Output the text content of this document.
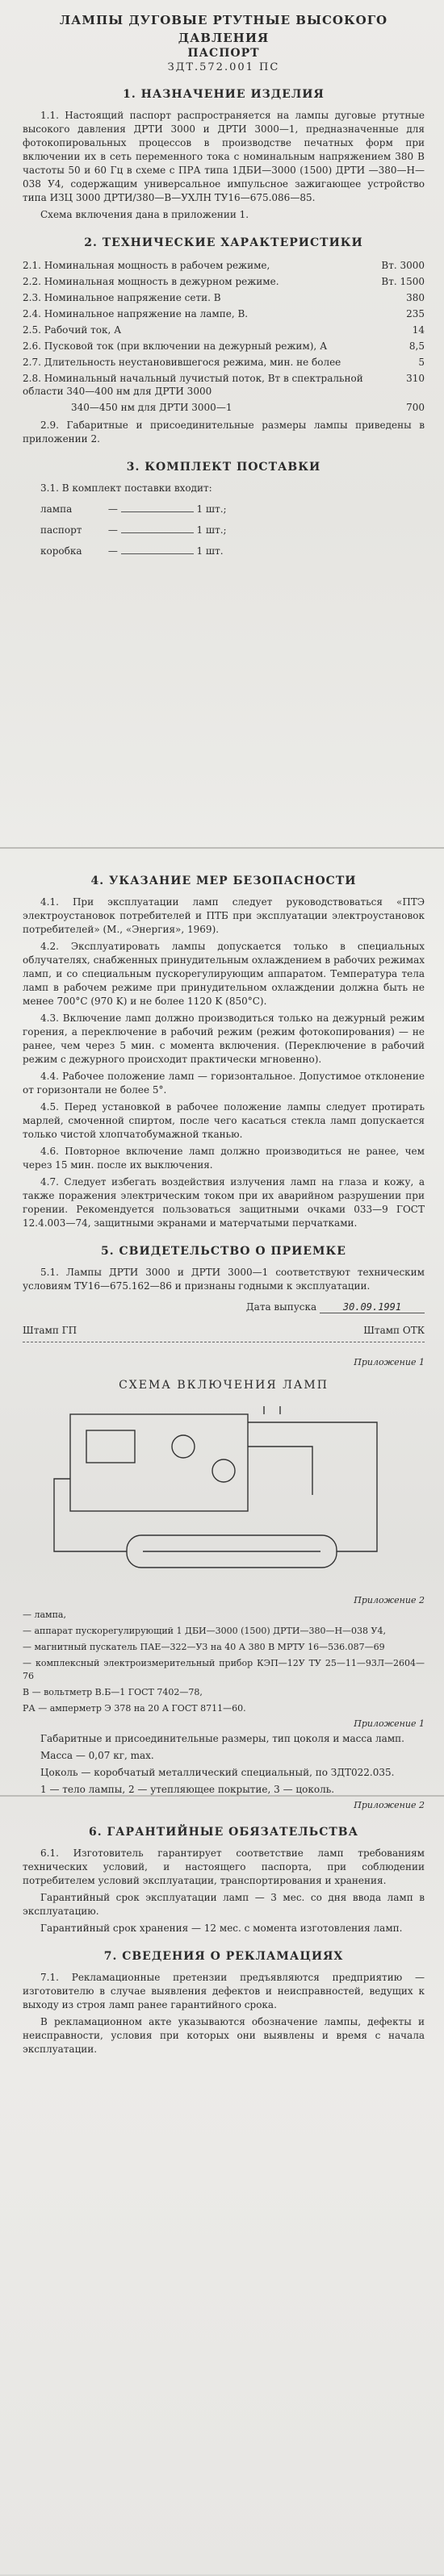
ЛАМПЫ ДУГОВЫЕ РТУТНЫЕ ВЫСОКОГО
ДАВЛЕНИЯ
ПАСПОРТ
ЗДТ.572.001 ПС
1. НАЗНАЧЕНИЕ ИЗДЕЛИЯ

1.1. Настоящий паспорт распространяется на лампы дуговые ртутные высокого давления ДРТИ 3000 и ДРТИ 3000—1, предназначенные для фотокопировальных процессов в производстве печатных форм при включении их в сеть переменного тока с номинальным напряжением 380 В частоты 50 и 60 Гц в схеме с ПРА типа 1ДБИ—3000 (1500) ДРТИ —380—Н—038 У4, содержащим универсальное импульсное зажигающее устройство типа ИЗЦ 3000 ДРТИ/380—В—УХЛН ТУ16—675.086—85.

Схема включения дана в приложении 1.

2. ТЕХНИЧЕСКИЕ ХАРАКТЕРИСТИКИ
2.1. Номинальная мощность в рабочем режиме,	Вт. 3000
2.2. Номинальная мощность в дежурном режиме.	Вт. 1500
2.3. Номинальное напряжение сети. В	380
2.4. Номинальное напряжение на лампе, В.	235
2.5. Рабочий ток, А	14
2.6. Пусковой ток (при включении на дежурный режим), А	8,5
2.7. Длительность неустановившегося режима, мин. не более	5
2.8. Номинальный начальный лучистый поток, Вт в спектральной области 340—400 нм для ДРТИ 3000	310
340—450 нм для ДРТИ 3000—1	700

2.9. Габаритные и присоединительные размеры лампы приведены в приложении 2.

3. КОМПЛЕКТ ПОСТАВКИ

3.1. В комплект поставки входит:

лампа	—	1 шт.;
паспорт —	1 шт.;
коробка —	1 шт.
4. УКАЗАНИЕ МЕР БЕЗОПАСНОСТИ

4.1. При эксплуатации ламп следует руководствоваться «ПТЭ электроустановок потребителей и ПТБ при эксплуатации электроустановок потребителей» (М., «Энергия», 1969).

4.2. Эксплуатировать лампы допускается только в специальных облучателях, снабженных принудительным охлаждением в рабочих режимах ламп, и со специальным пускорегулирующим аппаратом. Температура тела ламп в рабочем режиме при принудительном охлаждении должна быть не менее 700°С (970 K) и не более 1120 K (850°С).

4.3. Включение ламп должно производиться только на дежурный режим горения, а переключение в рабочий режим (режим фотокопирования) — не ранее, чем через 5 мин. с момента включения. (Переключение в рабочий режим с дежурного происходит практически мгновенно).

4.4. Рабочее положение ламп — горизонтальное. Допустимое отклонение от горизонтали не более 5°.

4.5. Перед установкой в рабочее положение лампы следует протирать марлей, смоченной спиртом, после чего касаться стекла ламп допускается только чистой хлопчатобумажной тканью.

4.6. Повторное включение ламп должно производиться не ранее, чем через 15 мин. после их выключения.

4.7. Следует избегать воздействия излучения ламп на глаза и кожу, а также поражения электрическим током при их аварийном разрушении при горении. Рекомендуется пользоваться защитными очками 033—9 ГОСТ 12.4.003—74, защитными экранами и матерчатыми перчатками.

5. СВИДЕТЕЛЬСТВО О ПРИЕМКЕ

5.1. Лампы ДРТИ 3000 и ДРТИ 3000—1 соответствуют техническим условиям ТУ16—675.162—86 и признаны годными к эксплуатации.

Дата выпуска	30.09.1991
Штамп ГП	Штамп ОТК
Приложение 1
СХЕМА ВКЛЮЧЕНИЯ ЛАМП
Приложение 2

— лампа,

— аппарат пускорегулирующий 1 ДБИ—3000 (1500) ДРТИ—380—Н—038 У4,

— магнитный пускатель ПАЕ—322—У3 на 40 А 380 В МРТУ 16—536.087—69

— комплексный электроизмерительный прибор КЭП—12У ТУ 25—11—93Л—2604—76

В — вольтметр В.Б—1 ГОСТ 7402—78,

РА — амперметр Э 378 на 20 А ГОСТ 8711—60.

Приложение 1

Габаритные и присоединительные размеры, тип цоколя и масса ламп.

Масса — 0,07 кг, max.

Цоколь — коробчатый металлический специальный, по ЗДТ022.035.

1 — тело лампы, 2 — утепляющее покрытие, 3 — цоколь.

Приложение 2
6. ГАРАНТИЙНЫЕ ОБЯЗАТЕЛЬСТВА

6.1. Изготовитель гарантирует соответствие ламп требованиям технических условий, и настоящего паспорта, при соблюдении потребителем условий эксплуатации, транспортирования и хранения.

Гарантийный срок эксплуатации ламп — 3 мес. со дня ввода ламп в эксплуатацию.

Гарантийный срок хранения — 12 мес. с момента изготовления ламп.

7. СВЕДЕНИЯ О РЕКЛАМАЦИЯХ

7.1. Рекламационные претензии предъявляются предприятию — изготовителю в случае выявления дефектов и неисправностей, ведущих к выходу из строя ламп ранее гарантийного срока.

В рекламационном акте указываются обозначение лампы, дефекты и неисправности, условия при которых они выявлены и время с начала эксплуатации.
